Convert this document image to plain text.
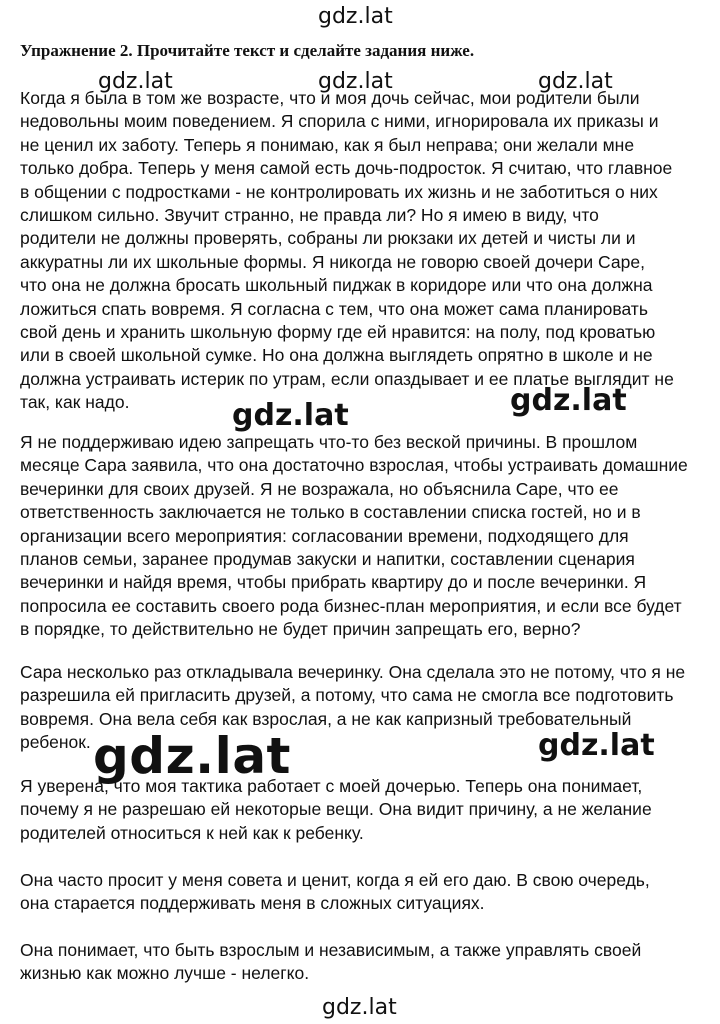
gdz.lat
Упражнение 2. Прочитайте текст и сделайте задания ниже.
gdz.lat	gdz.lat	gdz.lat
Когда я была в том же возрасте, что и моя дочь сейчас, мои родители были
недовольны моим поведением. Я спорила с ними, игнорировала их приказы и
не ценил их заботу. Теперь я понимаю, как я был неправа; они желали мне
только добра. Теперь у меня самой есть дочь-подросток. Я считаю, что главное
в общении с подростками - не контролировать их жизнь и не заботиться о них
слишком сильно. Звучит странно, не правда ли? Но я имею в виду, что
родители не должны проверять, собраны ли рюкзаки их детей и чисты ли и
аккуратны ли их школьные формы. Я никогда не говорю своей дочери Саре,
что она не должна бросать школьный пиджак в коридоре или что она должна
ложиться спать вовремя. Я согласна с тем, что она может сама планировать
свой день и хранить школьную форму где ей нравится: на полу, под кроватью
или в своей школьной сумке. Но она должна выглядеть опрятно в школе и не
должна устраивать истерик по утрам, если опаздывает и ее платье выглядит не
так, как надо.	gdz.lat	gdz.lat
Я не поддерживаю идею запрещать что-то без веской причины. В прошлом
месяце Сара заявила, что она достаточно взрослая, чтобы устраивать домашние
вечеринки для своих друзей. Я не возражала, но объяснила Саре, что ее
ответственность заключается не только в составлении списка гостей, но и в
организации всего мероприятия: согласовании времени, подходящего для
планов семьи, заранее продумав закуски и напитки, составлении сценария
вечеринки и найдя время, чтобы прибрать квартиру до и после вечеринки. Я
попросила ее составить своего рода бизнес-план мероприятия, и если все будет
в порядке, то действительно не будет причин запрещать его, верно?
Сара несколько раз откладывала вечеринку. Она сделала это не потому, что я не
разрешила ей пригласить друзей, а потому, что сама не смогла все подготовить
вовремя. Она вела себя как взрослая, а не как капризный требовательный
ребенок. gdz.lat	gdz.lat
Я уверена, что моя тактика работает с моей дочерью. Теперь она понимает,
почему я не разрешаю ей некоторые вещи. Она видит причину, а не желание
родителей относиться к ней как к ребенку.
Она часто просит у меня совета и ценит, когда я ей его даю. В свою очередь,
она старается поддерживать меня в сложных ситуациях.
Она понимает, что быть взрослым и независимым, а также управлять своей
жизнью как можно лучше - нелегко.
gdz.lat
